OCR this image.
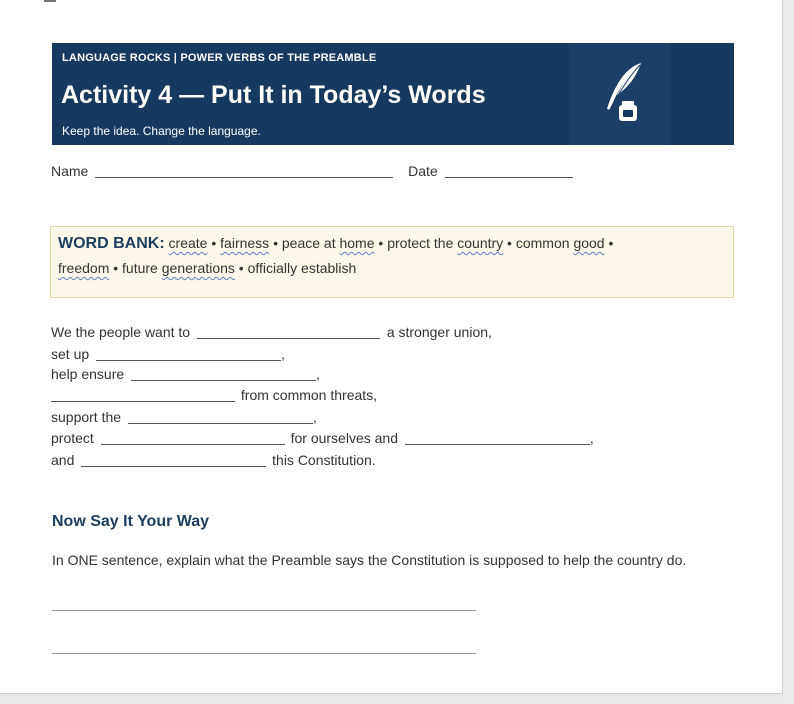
LANGUAGE ROCKS | POWER VERBS OF THE PREAMBLE
Activity 4 — Put It in Today’s Words
Keep the idea. Change the language.
Name	Date
WORD BANK: create • fairness • peace at home • protect the country • common good •
freedom • future generations • officially establish
We the people want to	a stronger union,
set up	,
help ensure	,
from common threats,
support the	,
protect	for ourselves and	,
and	this Constitution.
Now Say It Your Way
In ONE sentence, explain what the Preamble says the Constitution is supposed to help the country do.
